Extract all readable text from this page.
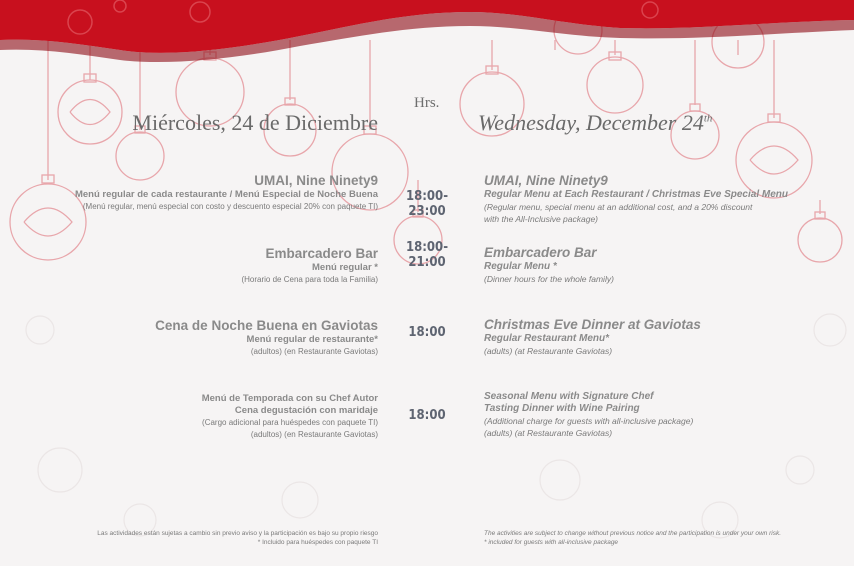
Hrs.
Miércoles, 24 de Diciembre	Wednesday, December 24th
UMAI, Nine Ninety9
Menú regular de cada restaurante / Menú Especial de Noche Buena
(Menú regular, menú especial con costo y descuento especial 20% con paquete TI)
18:00-23:00
UMAI, Nine Ninety9
Regular Menu at Each Restaurant / Christmas Eve Special Menu
(Regular menu, special menu at an additional cost, and a 20% discount
with the All-Inclusive package)
Embarcadero Bar
Menú regular *
(Horario de Cena para toda la Familia)
18:00-21:00
Embarcadero Bar
Regular Menu *
(Dinner hours for the whole family)
Cena de Noche Buena en Gaviotas
Menú regular de restaurante*
(adultos) (en Restaurante Gaviotas)
18:00
Christmas Eve Dinner at Gaviotas
Regular Restaurant Menu*
(adults) (at Restaurante Gaviotas)
Menú de Temporada con su Chef Autor
Cena degustación con maridaje
(Cargo adicional para huéspedes con paquete TI)
(adultos) (en Restaurante Gaviotas)
18:00
Seasonal Menu with Signature Chef
Tasting Dinner with Wine Pairing
(Additional charge for guests with all-inclusive package)
(adults) (at Restaurante Gaviotas)
Las actividades están sujetas a cambio sin previo aviso y la participación es bajo su propio riesgo
* Incluido para huéspedes con paquete TI
The activities are subject to change without previous notice and the participation is under your own risk.
* included for guests with all-inclusive package
